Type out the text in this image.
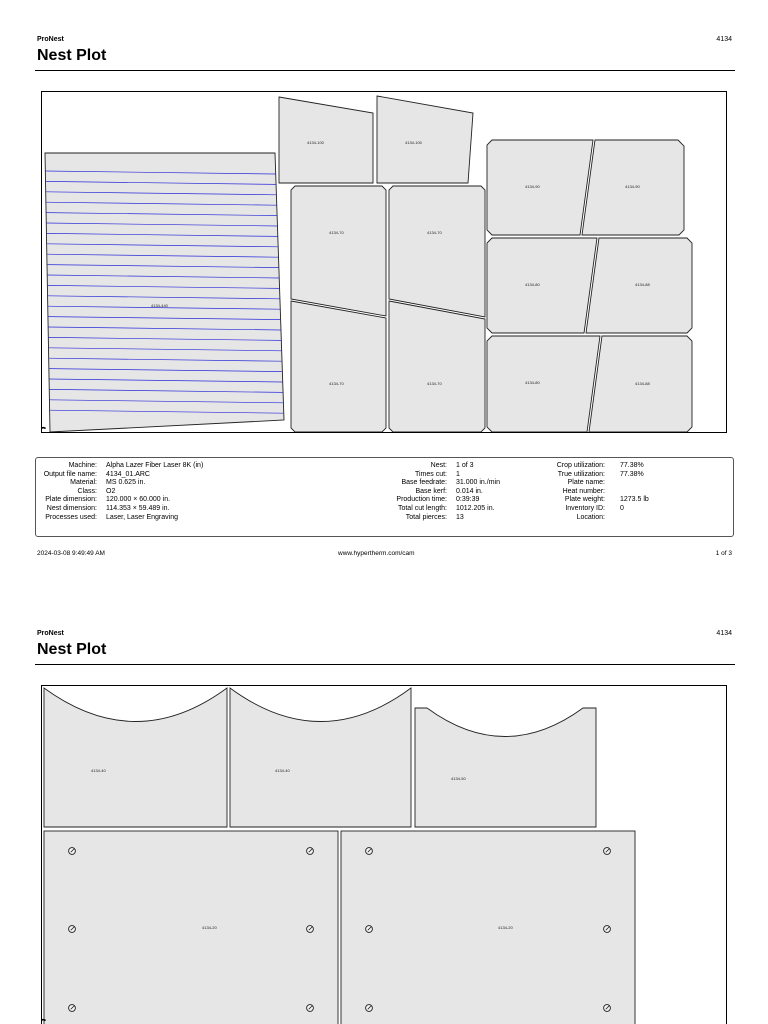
ProNest	4134
Nest Plot
4134-440
4134-100	4134-100
4134-70	4134-70
4134-70	4134-70
4134-90	4134-90
4134-80	4134-88
4134-80	4134-88
Machine: Alpha Lazer Fiber Laser 8K (in)
Output file name: 4134_01.ARC
Material: MS 0.625 in.
Class: O2
Plate dimension: 120.000 × 60.000 in.
Nest dimension: 114.353 × 59.489 in.
Processes used: Laser, Laser Engraving
Nest: 1 of 3
Times cut: 1
Base feedrate: 31.000 in./min
Base kerf: 0.014 in.
Production time: 0:39:39
Total cut length: 1012.205 in.
Total pierces: 13
Crop utilization: 77.38%
True utilization: 77.38%
Plate name:
Heat number:
Plate weight: 1273.5 lb
Inventory ID: 0
Location:
2024-03-08 9:49:49 AM	www.hypertherm.com/cam	1 of 3
ProNest	4134
Nest Plot
4134-40	4134-40
4134-50
4134-20	4134-20
